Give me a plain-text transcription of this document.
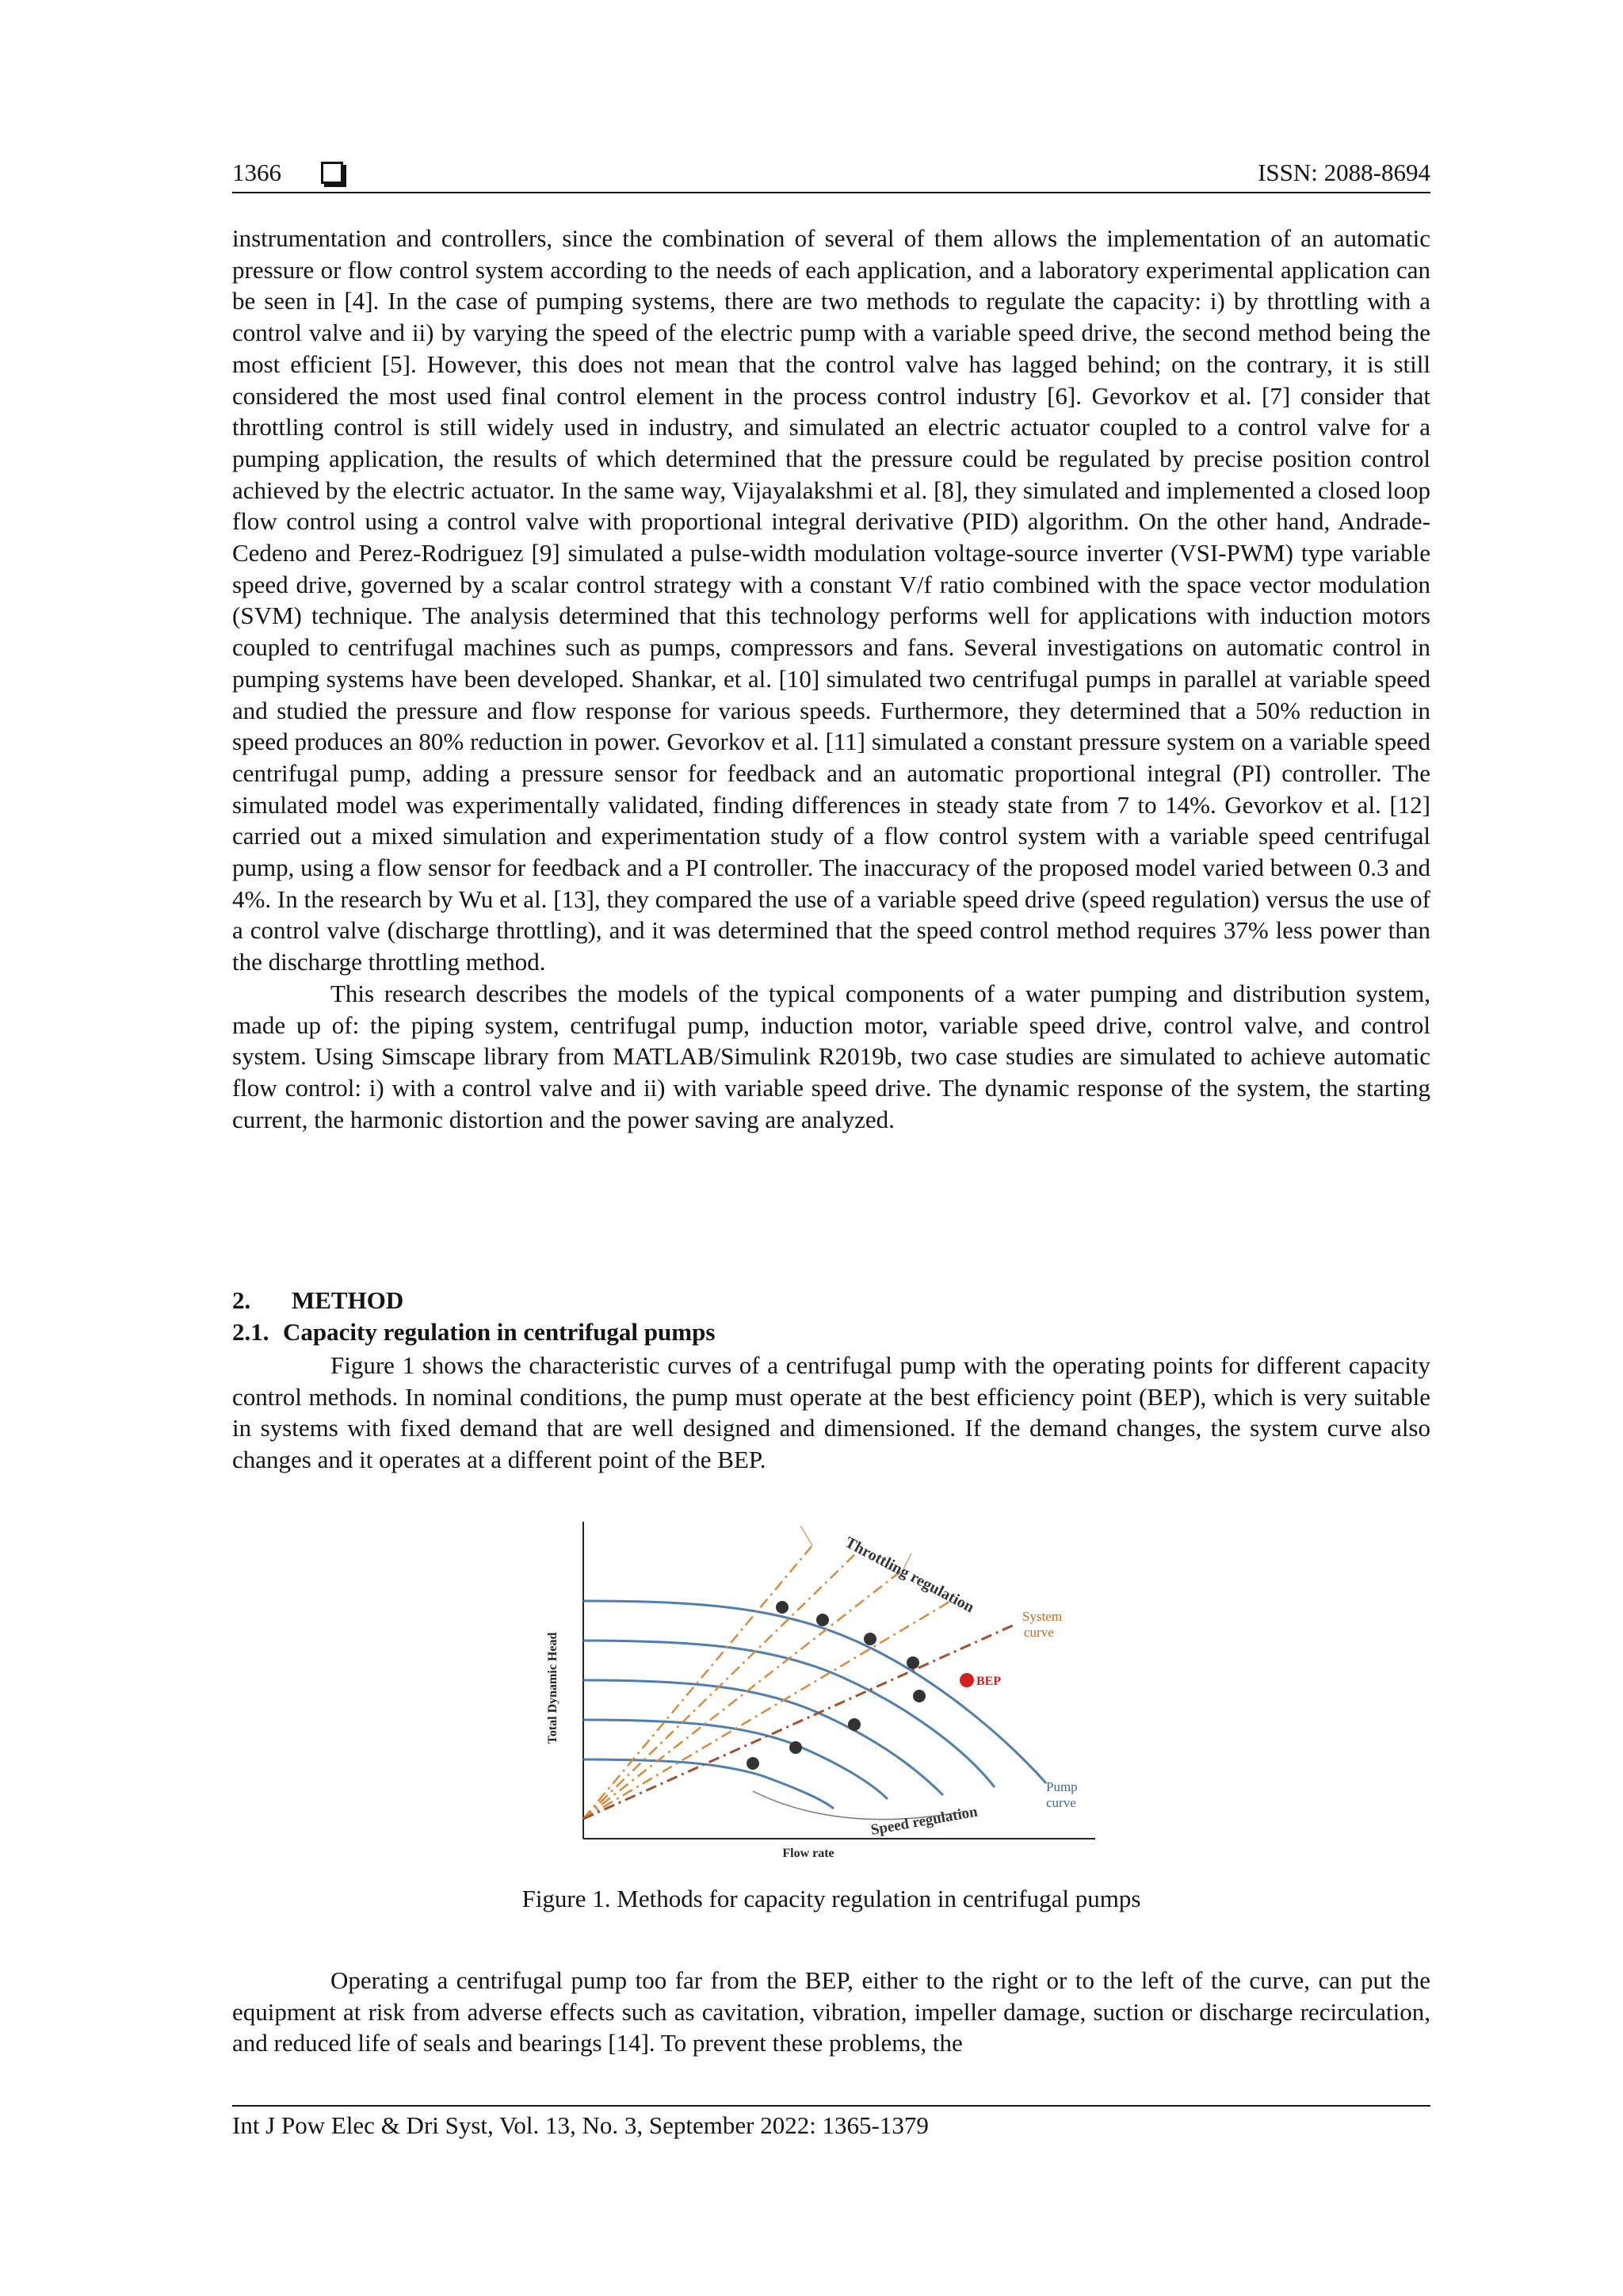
1366	ISSN: 2088-8694

instrumentation and controllers, since the combination of several of them allows the implementation of an automatic pressure or flow control system according to the needs of each application, and a laboratory experimental application can be seen in [4]. In the case of pumping systems, there are two methods to regulate the capacity: i) by throttling with a control valve and ii) by varying the speed of the electric pump with a variable speed drive, the second method being the most efficient [5]. However, this does not mean that the control valve has lagged behind; on the contrary, it is still considered the most used final control element in the process control industry [6]. Gevorkov et al. [7] consider that throttling control is still widely used in industry, and simulated an electric actuator coupled to a control valve for a pumping application, the results of which determined that the pressure could be regulated by precise position control achieved by the electric actuator. In the same way, Vijayalakshmi et al. [8], they simulated and implemented a closed loop flow control using a control valve with proportional integral derivative (PID) algorithm. On the other hand, Andrade-Cedeno and Perez-Rodriguez [9] simulated a pulse-width modulation voltage-source inverter (VSI-PWM) type variable speed drive, governed by a scalar control strategy with a constant V/f ratio combined with the space vector modulation (SVM) technique. The analysis determined that this technology performs well for applications with induction motors coupled to centrifugal machines such as pumps, compressors and fans. Several investigations on automatic control in pumping systems have been developed. Shankar, et al. [10] simulated two centrifugal pumps in parallel at variable speed and studied the pressure and flow response for various speeds. Furthermore, they determined that a 50% reduction in speed produces an 80% reduction in power. Gevorkov et al. [11] simulated a constant pressure system on a variable speed centrifugal pump, adding a pressure sensor for feedback and an automatic proportional integral (PI) controller. The simulated model was experimentally validated, finding differences in steady state from 7 to 14%. Gevorkov et al. [12] carried out a mixed simulation and experimentation study of a flow control system with a variable speed centrifugal pump, using a flow sensor for feedback and a PI controller. The inaccuracy of the proposed model varied between 0.3 and 4%. In the research by Wu et al. [13], they compared the use of a variable speed drive (speed regulation) versus the use of a control valve (discharge throttling), and it was determined that the speed control method requires 37% less power than the discharge throttling method.

This research describes the models of the typical components of a water pumping and distribution system, made up of: the piping system, centrifugal pump, induction motor, variable speed drive, control valve, and control system. Using Simscape library from MATLAB/Simulink R2019b, two case studies are simulated to achieve automatic flow control: i) with a control valve and ii) with variable speed drive. The dynamic response of the system, the starting current, the harmonic distortion and the power saving are analyzed.

2. METHOD
2.1. Capacity regulation in centrifugal pumps

Figure 1 shows the characteristic curves of a centrifugal pump with the operating points for different capacity control methods. In nominal conditions, the pump must operate at the best efficiency point (BEP), which is very suitable in systems with fixed demand that are well designed and dimensioned. If the demand changes, the system curve also changes and it operates at a different point of the BEP.

Total Dynamic Head
Flow rate
Throttling regulation
System
curve
BEP
Pump
curve
Speed regulation
Figure 1. Methods for capacity regulation in centrifugal pumps

Operating a centrifugal pump too far from the BEP, either to the right or to the left of the curve, can put the equipment at risk from adverse effects such as cavitation, vibration, impeller damage, suction or discharge recirculation, and reduced life of seals and bearings [14]. To prevent these problems, the

Int J Pow Elec & Dri Syst, Vol. 13, No. 3, September 2022: 1365-1379
